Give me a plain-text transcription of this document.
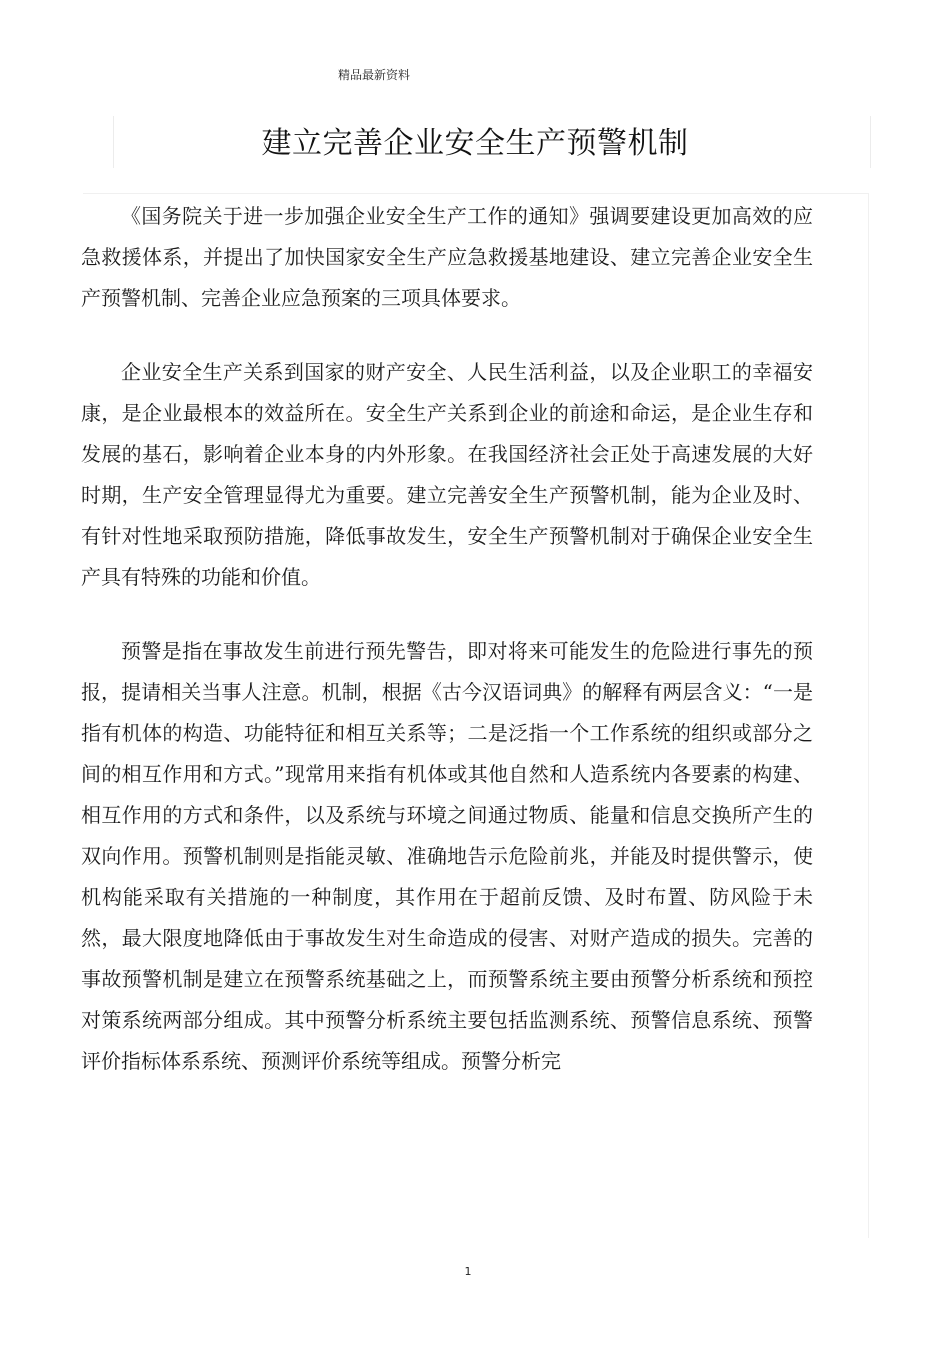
精品最新资料
建立完善企业安全生产预警机制

《国务院关于进一步加强企业安全生产工作的通知》强调要建设更加高效的应急救援体系，并提出了加快国家安全生产应急救援基地建设、建立完善企业安全生产预警机制、完善企业应急预案的三项具体要求。

企业安全生产关系到国家的财产安全、人民生活利益，以及企业职工的幸福安康，是企业最根本的效益所在。安全生产关系到企业的前途和命运，是企业生存和发展的基石，影响着企业本身的内外形象。在我国经济社会正处于高速发展的大好时期，生产安全管理显得尤为重要。建立完善安全生产预警机制，能为企业及时、有针对性地采取预防措施，降低事故发生，安全生产预警机制对于确保企业安全生产具有特殊的功能和价值。

预警是指在事故发生前进行预先警告，即对将来可能发生的危险进行事先的预报，提请相关当事人注意。机制，根据《古今汉语词典》的解释有两层含义：“一是指有机体的构造、功能特征和相互关系等；二是泛指一个工作系统的组织或部分之间的相互作用和方式。”现常用来指有机体或其他自然和人造系统内各要素的构建、相互作用的方式和条件，以及系统与环境之间通过物质、能量和信息交换所产生的双向作用。预警机制则是指能灵敏、准确地告示危险前兆，并能及时提供警示，使机构能采取有关措施的一种制度，其作用在于超前反馈、及时布置、防风险于未然，最大限度地降低由于事故发生对生命造成的侵害、对财产造成的损失。完善的事故预警机制是建立在预警系统基础之上，而预警系统主要由预警分析系统和预控对策系统两部分组成。其中预警分析系统主要包括监测系统、预警信息系统、预警评价指标体系系统、预测评价系统等组成。预警分析完

1
